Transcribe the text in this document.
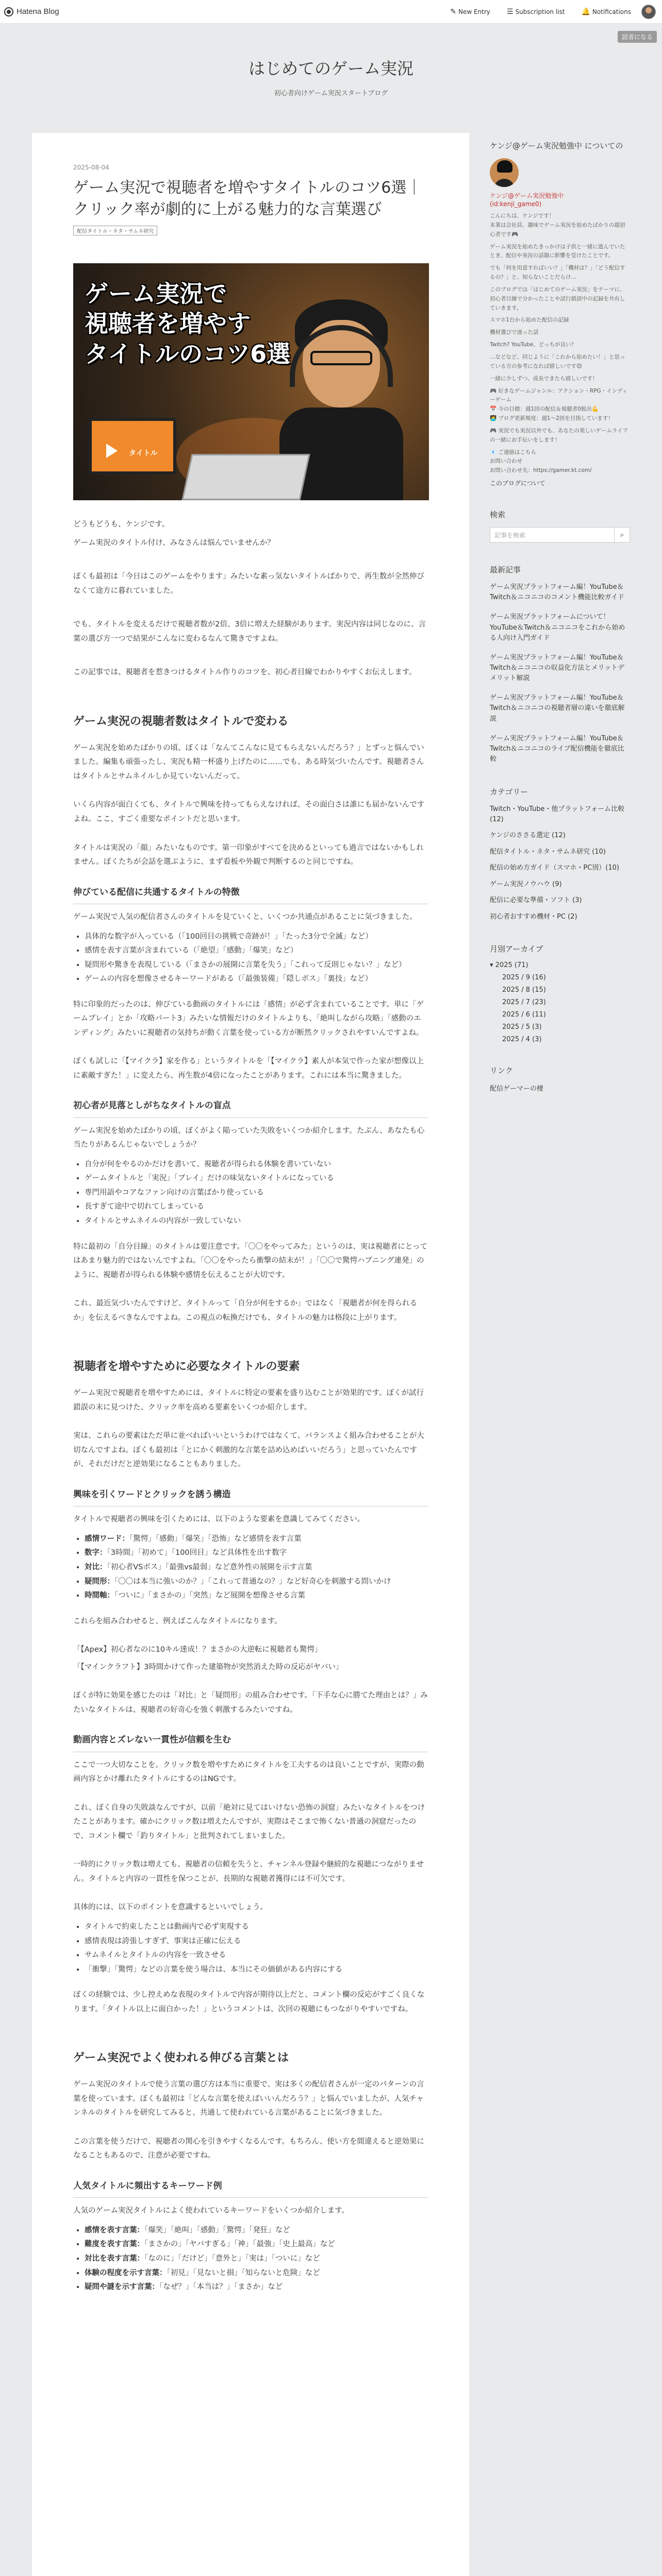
Hatena Blog	✎ New Entry ☰ Subscription list 🔔 Notifications
読者になる
はじめてのゲーム実況
初心者向けゲーム実況スタートブログ
2025-08-04
ゲーム実況で視聴者を増やすタイトルのコツ6選｜クリック率が劇的に上がる魅力的な言葉選び
配信タイトル・ネタ・サムネ研究
タイトル
ゲーム実況で
視聴者を増やす
タイトルのコツ6選

どうもどうも、ケンジです。

ゲーム実況のタイトル付け、みなさんは悩んでいませんか？

ぼくも最初は「今日はこのゲームをやります」みたいな素っ気ないタイトルばかりで、再生数が全然伸びなくて途方に暮れていました。

でも、タイトルを変えるだけで視聴者数が2倍、3倍に増えた経験があります。実況内容は同じなのに、言葉の選び方一つで結果がこんなに変わるなんて驚きですよね。

この記事では、視聴者を惹きつけるタイトル作りのコツを、初心者目線でわかりやすくお伝えします。

ゲーム実況の視聴者数はタイトルで変わる

ゲーム実況を始めたばかりの頃、ぼくは「なんてこんなに見てもらえないんだろう？」とずっと悩んでいました。編集も頑張ったし、実況も精一杯盛り上げたのに……でも、ある時気づいたんです。視聴者さんはタイトルとサムネイルしか見ていないんだって。

いくら内容が面白くても、タイトルで興味を持ってもらえなければ、その面白さは誰にも届かないんですよね。ここ、すごく重要なポイントだと思います。

タイトルは実況の「顔」みたいなものです。第一印象がすべてを決めるといっても過言ではないかもしれません。ぼくたちが会話を選ぶように、まず看板や外観で判断するのと同じですね。

伸びている配信に共通するタイトルの特徴

ゲーム実況で人気の配信者さんのタイトルを見ていくと、いくつか共通点があることに気づきました。

• 具体的な数字が入っている（「100回目の挑戦で奇跡が！」「たった3分で全滅」など）
• 感情を表す言葉が含まれている（「絶望」「感動」「爆笑」など）
• 疑問形や驚きを表現している（「まさかの展開に言葉を失う」「これって反則じゃない？」など）
• ゲームの内容を想像させるキーワードがある（「最強装備」「隠しボス」「裏技」など）

特に印象的だったのは、伸びている動画のタイトルには「感情」が必ず含まれていることです。単に「ゲームプレイ」とか「攻略パート3」みたいな情報だけのタイトルよりも、「絶叫しながら攻略」「感動のエンディング」みたいに視聴者の気持ちが動く言葉を使っている方が断然クリックされやすいんですよね。

ぼくも試しに「【マイクラ】家を作る」というタイトルを「【マイクラ】素人が本気で作った家が想像以上に素敵すぎた！」に変えたら、再生数が4倍になったことがあります。これには本当に驚きました。

初心者が見落としがちなタイトルの盲点

ゲーム実況を始めたばかりの頃、ぼくがよく陥っていた失敗をいくつか紹介します。たぶん、あなたも心当たりがあるんじゃないでしょうか？

• 自分が何をやるのかだけを書いて、視聴者が得られる体験を書いていない
• ゲームタイトルと「実況」「プレイ」だけの味気ないタイトルになっている
• 専門用語やコアなファン向けの言葉ばかり使っている
• 長すぎて途中で切れてしまっている
• タイトルとサムネイルの内容が一致していない

特に最初の「自分目線」のタイトルは要注意です。「〇〇をやってみた」というのは、実は視聴者にとってはあまり魅力的ではないんですよね。「〇〇をやったら衝撃の結末が！」「〇〇で驚愕ハプニング連発」のように、視聴者が得られる体験や感情を伝えることが大切です。

これ、最近気づいたんですけど、タイトルって「自分が何をするか」ではなく「視聴者が何を得られるか」を伝えるべきなんですよね。この視点の転換だけでも、タイトルの魅力は格段に上がります。

視聴者を増やすために必要なタイトルの要素

ゲーム実況で視聴者を増やすためには、タイトルに特定の要素を盛り込むことが効果的です。ぼくが試行錯誤の末に見つけた、クリック率を高める要素をいくつか紹介します。

実は、これらの要素はただ単に並べればいいというわけではなくて、バランスよく組み合わせることが大切なんですよね。ぼくも最初は「とにかく刺激的な言葉を詰め込めばいいだろう」と思っていたんですが、それだけだと逆効果になることもありました。

興味を引くワードとクリックを誘う構造

タイトルで視聴者の興味を引くためには、以下のような要素を意識してみてください。

• 感情ワード：「驚愕」「感動」「爆笑」「恐怖」など感情を表す言葉
• 数字：「3時間」「初めて」「100回目」など具体性を出す数字
• 対比：「初心者VSボス」「最強vs最弱」など意外性の展開を示す言葉
• 疑問形：「〇〇は本当に強いのか？」「これって普通なの？」など好奇心を刺激する問いかけ
• 時間軸：「ついに」「まさかの」「突然」など展開を想像させる言葉

これらを組み合わせると、例えばこんなタイトルになります。

「【Apex】初心者なのに10キル達成！？まさかの大逆転に視聴者も驚愕」

「【マインクラフト】3時間かけて作った建築物が突然消えた時の反応がヤバい」

ぼくが特に効果を感じたのは「対比」と「疑問形」の組み合わせです。「下手な心に勝てた理由とは？」みたいなタイトルは、視聴者の好奇心を強く刺激するみたいですね。

動画内容とズレない一貫性が信頼を生む

ここで一つ大切なことを。クリック数を増やすためにタイトルを工夫するのは良いことですが、実際の動画内容とかけ離れたタイトルにするのはNGです。

これ、ぼく自身の失敗談なんですが、以前「絶対に見てはいけない恐怖の洞窟」みたいなタイトルをつけたことがあります。確かにクリック数は増えたんですが、実際はそこまで怖くない普通の洞窟だったので、コメント欄で「釣りタイトル」と批判されてしまいました。

一時的にクリック数は増えても、視聴者の信頼を失うと、チャンネル登録や継続的な視聴につながりません。タイトルと内容の一貫性を保つことが、長期的な視聴者獲得には不可欠です。

具体的には、以下のポイントを意識するといいでしょう。

• タイトルで約束したことは動画内で必ず実現する
• 感情表現は誇張しすぎず、事実は正確に伝える
• サムネイルとタイトルの内容を一致させる
• 「衝撃」「驚愕」などの言葉を使う場合は、本当にその価値がある内容にする

ぼくの経験では、少し控えめな表現のタイトルで内容が期待以上だと、コメント欄の反応がすごく良くなります。「タイトル以上に面白かった！」というコメントは、次回の視聴にもつながりやすいですね。

ゲーム実況でよく使われる伸びる言葉とは

ゲーム実況のタイトルで使う言葉の選び方は本当に重要で、実は多くの配信者さんが一定のパターンの言葉を使っています。ぼくも最初は「どんな言葉を使えばいいんだろう？」と悩んでいましたが、人気チャンネルのタイトルを研究してみると、共通して使われている言葉があることに気づきました。

この言葉を使うだけで、視聴者の関心を引きやすくなるんです。もちろん、使い方を間違えると逆効果になることもあるので、注意が必要ですね。

人気タイトルに頻出するキーワード例

人気のゲーム実況タイトルによく使われているキーワードをいくつか紹介します。

• 感情を表す言葉：「爆笑」「絶叫」「感動」「驚愕」「発狂」など
• 難度を表す言葉：「まさかの」「ヤバすぎる」「神」「最強」「史上最高」など
• 対比を表す言葉：「なのに」「だけど」「意外と」「実は」「ついに」など
• 体験の程度を示す言葉：「初見」「見ないと損」「知らないと危険」など
• 疑問や謎を示す言葉：「なぜ？」「本当は？」「まさか」など
ケンジ@ゲーム実況勉強中 についての
ケンジ@ゲーム実況勉強中
(id:kenji_game0)

こんにちは、ケンジです！

本業は会社員、趣味でゲーム実況を始めたばかりの超初心者です🎮

ゲーム実況を始めたきっかけは子供と一緒に遊んでいたとき、配信や実況の話題に影響を受けたことです。

でも「何を用意すればいい？」「機材は？」「どう配信するの？」と、知らないことだらけ…

このブログでは「はじめてのゲーム実況」をテーマに、初心者目線で分かったことや試行錯誤中の記録を共有していきます。

スマホ1台から始めた配信の記録

機材選びで迷った話

Twitch? YouTube、どっちが良い？

…などなど、同じように「これから始めたい！」と思っている方の参考になれば嬉しいです😊

一緒に少しずつ、成長できたら嬉しいです！

🎮 好きなゲームジャンル：アクション・RPG・インディーゲーム

📅 今の目標：週1回の配信＆視聴者0脱出💪

🧑‍💻 ブログ更新頻度：週1〜2回を目指しています！

🎮 実況でも実況以外でも、あなたの楽しいゲームライフの一緒にお手伝いをします！

📧 ご連絡はこちら

お問い合わせ

お問い合わせ先：https://gamer.kt.com/

このブログについて
検索
記事を検索	⌕
最新記事
ゲーム実況プラットフォーム編！YouTube＆Twitch＆ニコニコのコメント機能比較ガイド
ゲーム実況プラットフォームについて！YouTube＆Twitch＆ニコニコをこれから始める人向け入門ガイド
ゲーム実況プラットフォーム編！YouTube＆Twitch＆ニコニコの収益化方法とメリットデメリット解説
ゲーム実況プラットフォーム編！YouTube＆Twitch＆ニコニコの視聴者層の違いを徹底解説
ゲーム実況プラットフォーム編！YouTube＆Twitch＆ニコニコのライブ配信機能を徹底比較
カテゴリー
Twitch・YouTube・他プラットフォーム比較 (12)
ケンジのささる選定 (12)
配信タイトル・ネタ・サムネ研究 (10)
配信の始め方ガイド（スマホ・PC別）(10)
ゲーム実況ノウハウ (9)
配信に必要な準備・ソフト (3)
初心者おすすめ機材・PC (2)
月別アーカイブ
▾ 2025 (71)
2025 / 9 (16)
2025 / 8 (15)
2025 / 7 (23)
2025 / 6 (11)
2025 / 5 (3)
2025 / 4 (3)
リンク
配信ゲーマーの棲
